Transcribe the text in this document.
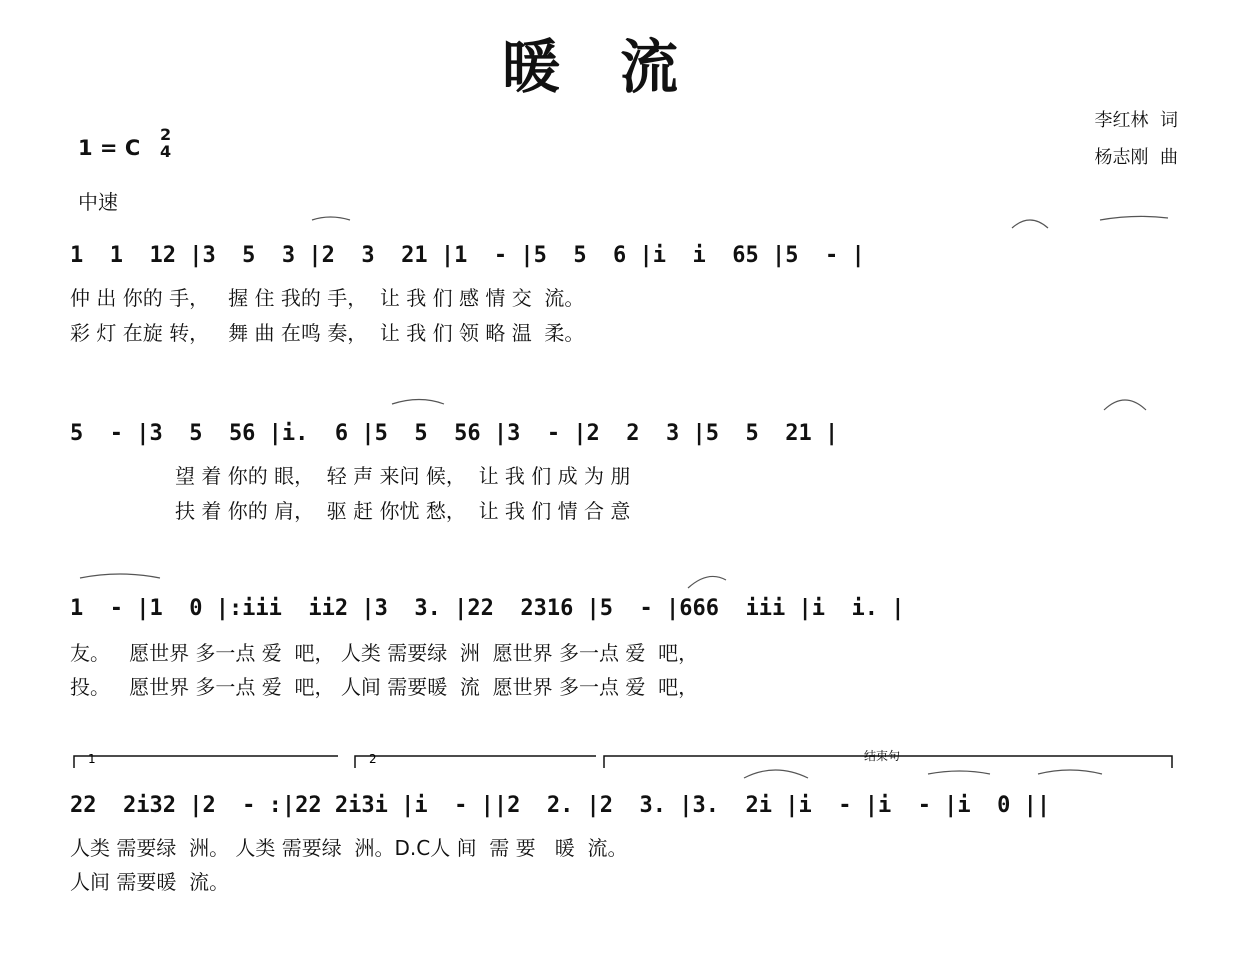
暖流
李红林  词
杨志刚  曲
1 = C
2
4
中速
1  1  12 |3  5  3 |2  3  21 |1  - |5  5  6 |i  i  65 |5  - |
仲 出 你的 手，   握 住 我的 手，  让 我 们 感 情 交  流。
彩 灯 在旋 转，   舞 曲 在鸣 奏，  让 我 们 领 略 温  柔。
5  - |3  5  56 |i.  6 |5  5  56 |3  - |2  2  3 |5  5  21 |
望 着 你的 眼，  轻 声 来问 候，  让 我 们 成 为 朋
扶 着 你的 肩，  驱 赶 你忧 愁，  让 我 们 情 合 意
1  - |1  0 |:iii  ii2 |3  3. |22  2316 |5  - |666  iii |i  i. |
友。   愿世界 多一点 爱  吧， 人类 需要绿  洲  愿世界 多一点 爱  吧，
投。   愿世界 多一点 爱  吧， 人间 需要暖  流  愿世界 多一点 爱  吧，
1	2	结束句
22  2i32 |2  - :|22 2i3i |i  - ||2  2. |2  3. |3.  2i |i  - |i  - |i  0 ||
人类 需要绿  洲。 人类 需要绿  洲。D.C人 间  需 要   暖  流。
人间 需要暖  流。
